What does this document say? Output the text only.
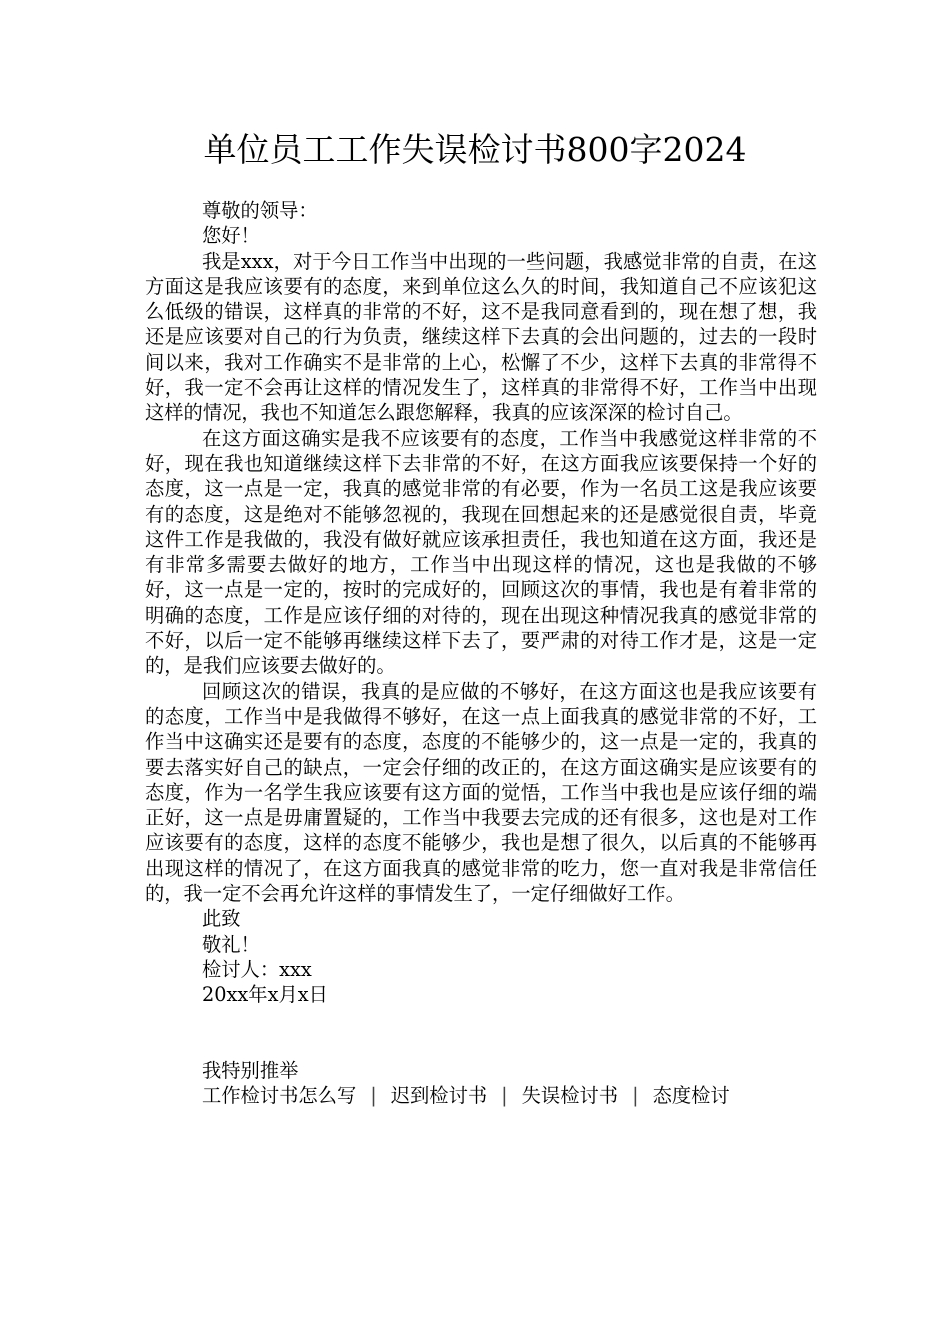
单位员工工作失误检讨书800字2024
尊敬的领导：
您好！
我是xxx，对于今日工作当中出现的一些问题，我感觉非常的自责，在这方面这是我应该要有的态度，来到单位这么久的时间，我知道自己不应该犯这么低级的错误，这样真的非常的不好，这不是我同意看到的，现在想了想，我还是应该要对自己的行为负责，继续这样下去真的会出问题的，过去的一段时间以来，我对工作确实不是非常的上心，松懈了不少，这样下去真的非常得不好，我一定不会再让这样的情况发生了，这样真的非常得不好，工作当中出现这样的情况，我也不知道怎么跟您解释，我真的应该深深的检讨自己。
在这方面这确实是我不应该要有的态度，工作当中我感觉这样非常的不好，现在我也知道继续这样下去非常的不好，在这方面我应该要保持一个好的态度，这一点是一定，我真的感觉非常的有必要，作为一名员工这是我应该要有的态度，这是绝对不能够忽视的，我现在回想起来的还是感觉很自责，毕竟这件工作是我做的，我没有做好就应该承担责任，我也知道在这方面，我还是有非常多需要去做好的地方，工作当中出现这样的情况，这也是我做的不够好，这一点是一定的，按时的完成好的，回顾这次的事情，我也是有着非常的明确的态度，工作是应该仔细的对待的，现在出现这种情况我真的感觉非常的不好，以后一定不能够再继续这样下去了，要严肃的对待工作才是，这是一定的，是我们应该要去做好的。
回顾这次的错误，我真的是应做的不够好，在这方面这也是我应该要有的态度，工作当中是我做得不够好，在这一点上面我真的感觉非常的不好，工作当中这确实还是要有的态度，态度的不能够少的，这一点是一定的，我真的要去落实好自己的缺点，一定会仔细的改正的，在这方面这确实是应该要有的态度，作为一名学生我应该要有这方面的觉悟，工作当中我也是应该仔细的端正好，这一点是毋庸置疑的，工作当中我要去完成的还有很多，这也是对工作应该要有的态度，这样的态度不能够少，我也是想了很久，以后真的不能够再出现这样的情况了，在这方面我真的感觉非常的吃力，您一直对我是非常信任的，我一定不会再允许这样的事情发生了，一定仔细做好工作。
此致
敬礼！
检讨人：xxx
20xx年x月x日
我特别推举
工作检讨书怎么写 | 迟到检讨书 | 失误检讨书 | 态度检讨
